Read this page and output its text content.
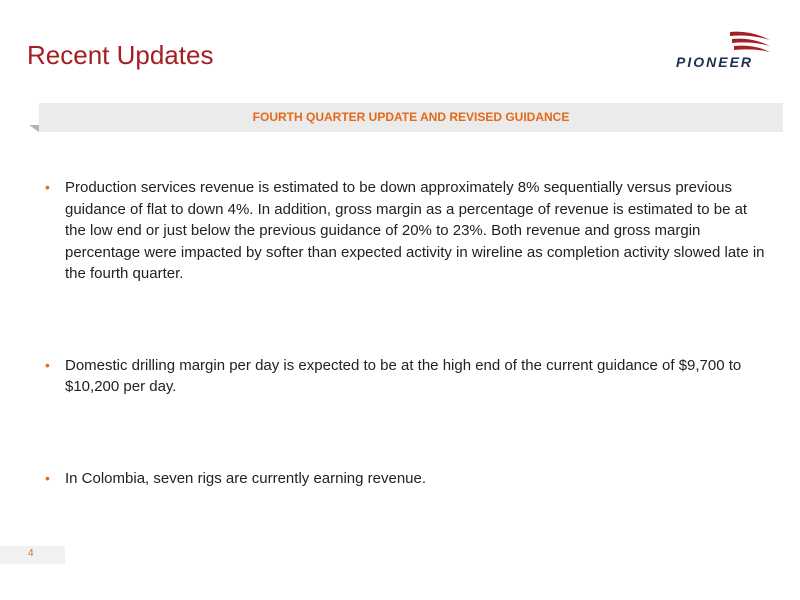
Recent Updates	PIONEER
FOURTH QUARTER UPDATE AND REVISED GUIDANCE
• Production services revenue is estimated to be down approximately 8% sequentially versus previous guidance of flat to down 4%. In addition, gross margin as a percentage of revenue is estimated to be at the low end or just below the previous guidance of 20% to 23%. Both revenue and gross margin percentage were impacted by softer than expected activity in wireline as completion activity slowed late in the fourth quarter.
• Domestic drilling margin per day is expected to be at the high end of the current guidance of $9,700 to $10,200 per day.
• In Colombia, seven rigs are currently earning revenue.
4
